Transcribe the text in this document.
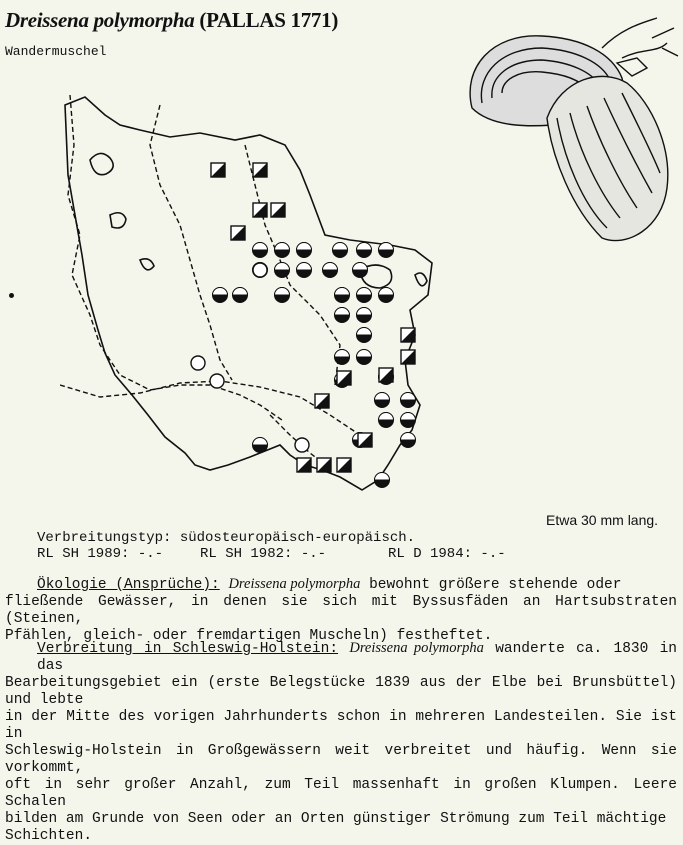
Dreissena polymorpha (PALLAS 1771)
Wandermuschel
Etwa 30 mm lang.
Verbreitungstyp: südosteuropäisch-europäisch.
RL SH 1989: -.-	RL SH 1982: -.-	RL D 1984: -.-
Ökologie (Ansprüche): Dreissena polymorpha bewohnt größere stehende oder
fließende Gewässer, in denen sie sich mit Byssusfäden an Hartsubstraten (Steinen,
Pfählen, gleich- oder fremdartigen Muscheln) festheftet.
Verbreitung in Schleswig-Holstein: Dreissena polymorpha wanderte ca. 1830 in das
Bearbeitungsgebiet ein (erste Belegstücke 1839 aus der Elbe bei Brunsbüttel) und lebte
in der Mitte des vorigen Jahrhunderts schon in mehreren Landesteilen. Sie ist in
Schleswig-Holstein in Großgewässern weit verbreitet und häufig. Wenn sie vorkommt,
oft in sehr großer Anzahl, zum Teil massenhaft in großen Klumpen. Leere Schalen
bilden am Grunde von Seen oder an Orten günstiger Strömung zum Teil mächtige
Schichten.
